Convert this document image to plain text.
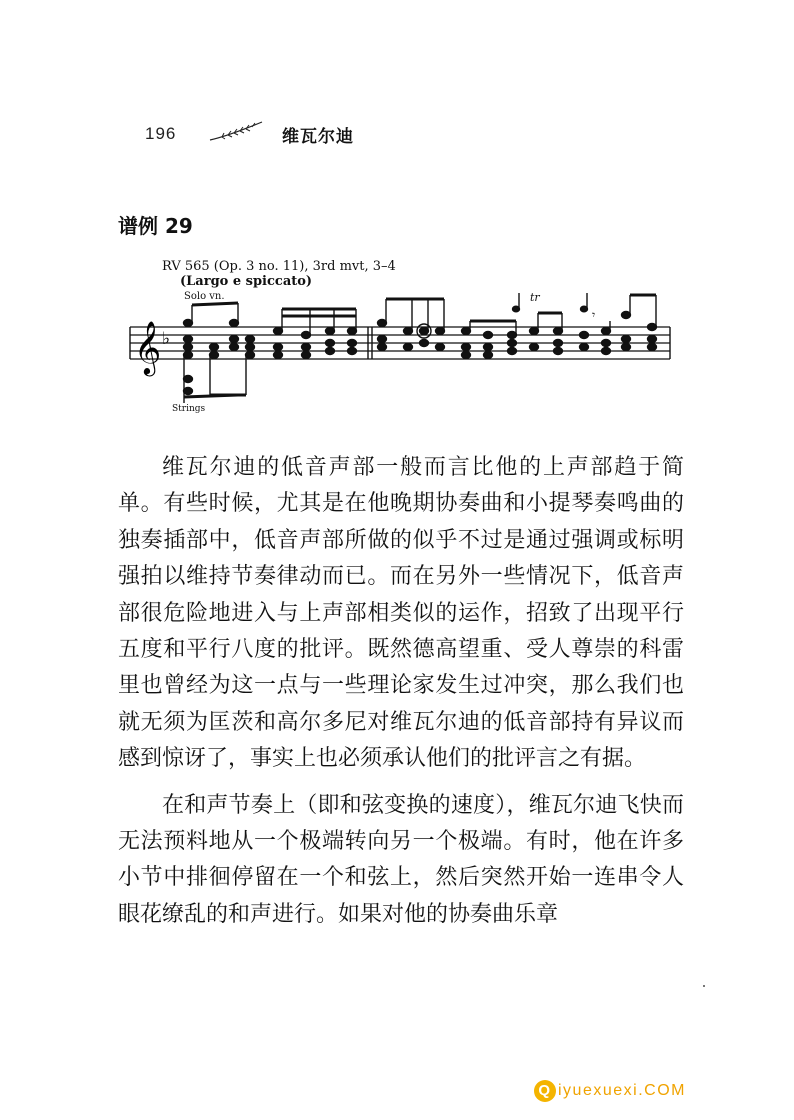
196	维瓦尔迪
谱例 29
RV 565 (Op. 3 no. 11), 3rd mvt, 3–4
(Largo e spiccato)
Solo vn.
𝄞 ♭
tr
𝄾
Strings

维瓦尔迪的低音声部一般而言比他的上声部趋于简单。有些时候，尤其是在他晚期协奏曲和小提琴奏鸣曲的独奏插部中，低音声部所做的似乎不过是通过强调或标明强拍以维持节奏律动而已。而在另外一些情况下，低音声部很危险地进入与上声部相类似的运作，招致了出现平行五度和平行八度的批评。既然德高望重、受人尊崇的科雷里也曾经为这一点与一些理论家发生过冲突，那么我们也就无须为匡茨和高尔多尼对维瓦尔迪的低音部持有异议而感到惊讶了，事实上也必须承认他们的批评言之有据。

在和声节奏上（即和弦变换的速度），维瓦尔迪飞快而无法预料地从一个极端转向另一个极端。有时，他在许多小节中排徊停留在一个和弦上，然后突然开始一连串令人眼花缭乱的和声进行。如果对他的协奏曲乐章

Q iyuexuexi.COM
